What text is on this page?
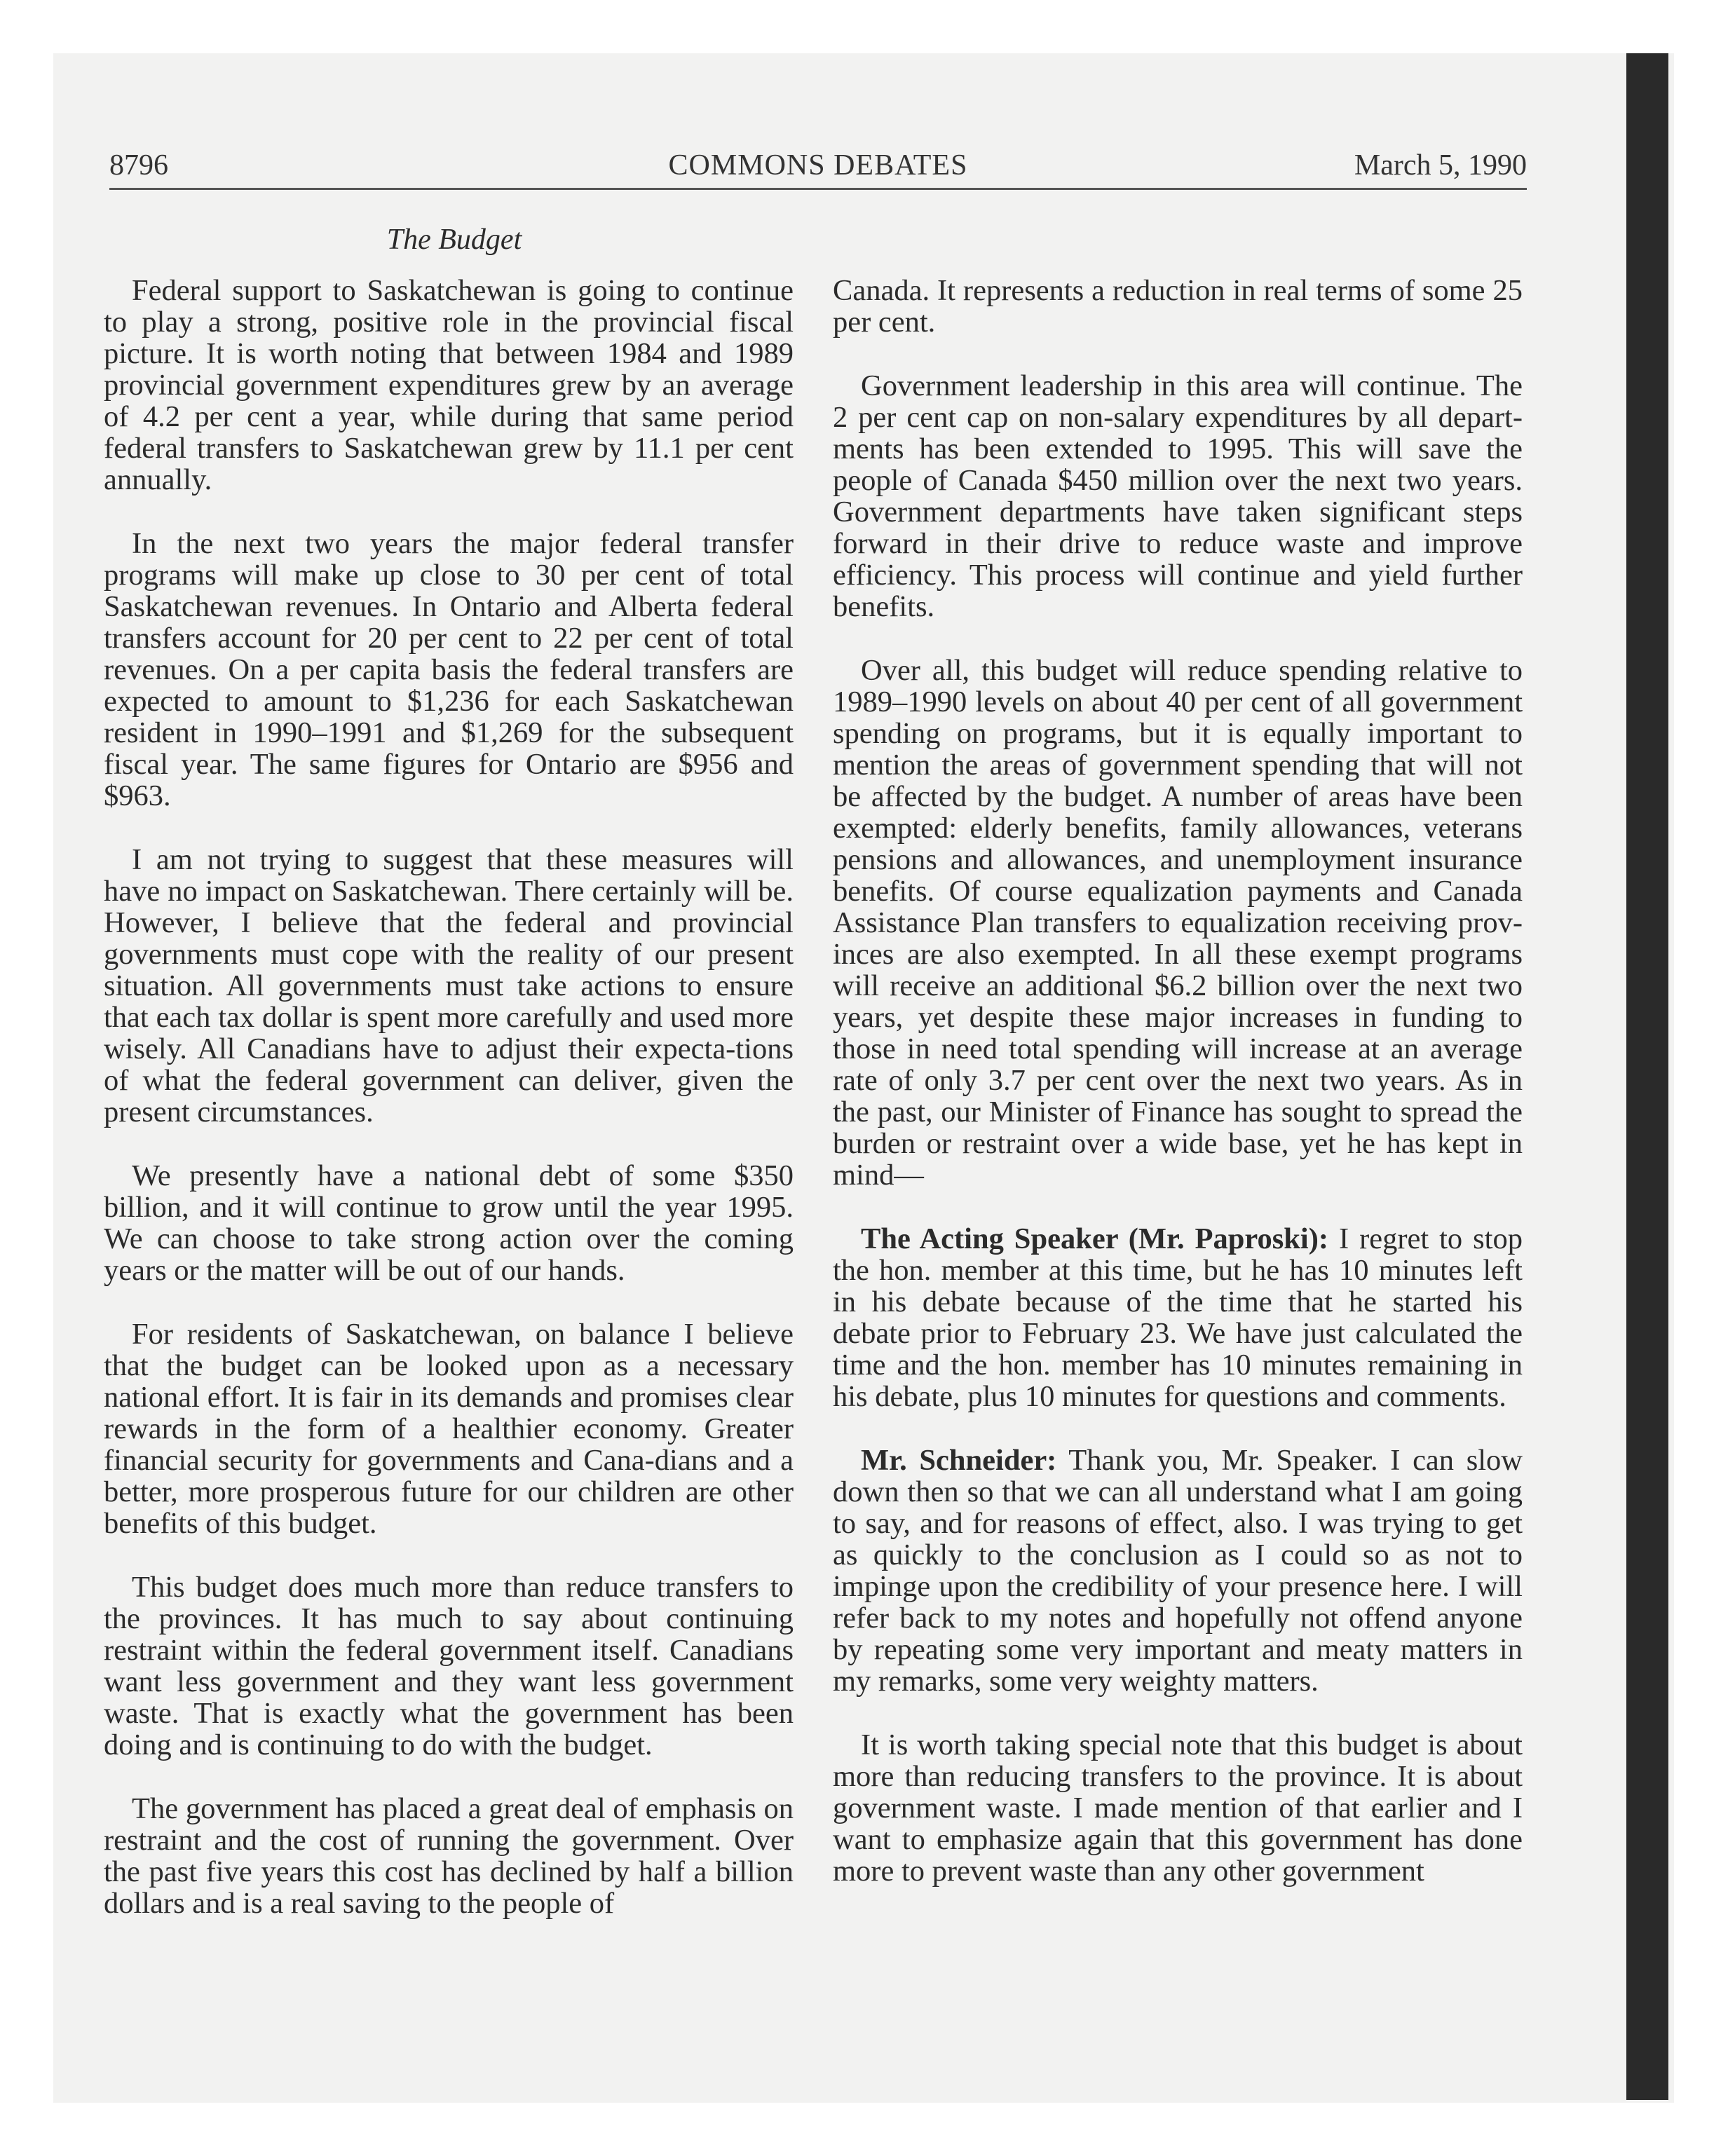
8796	COMMONS DEBATES	March 5, 1990
The Budget

Federal support to Saskatchewan is going to continue to play a strong, positive role in the provincial fiscal picture. It is worth noting that between 1984 and 1989 provincial government expenditures grew by an average of 4.2 per cent a year, while during that same period federal transfers to Saskatchewan grew by 11.1 per cent annually.

In the next two years the major federal transfer programs will make up close to 30 per cent of total Saskatchewan revenues. In Ontario and Alberta federal transfers account for 20 per cent to 22 per cent of total revenues. On a per capita basis the federal transfers are expected to amount to $1,236 for each Saskatchewan resident in 1990–1991 and $1,269 for the subsequent fiscal year. The same figures for Ontario are $956 and $963.

I am not trying to suggest that these measures will have no impact on Saskatchewan. There certainly will be. However, I believe that the federal and provincial governments must cope with the reality of our present situation. All governments must take actions to ensure that each tax dollar is spent more carefully and used more wisely. All Canadians have to adjust their expecta-tions of what the federal government can deliver, given the present circumstances.

We presently have a national debt of some $350 billion, and it will continue to grow until the year 1995. We can choose to take strong action over the coming years or the matter will be out of our hands.

For residents of Saskatchewan, on balance I believe that the budget can be looked upon as a necessary national effort. It is fair in its demands and promises clear rewards in the form of a healthier economy. Greater financial security for governments and Cana-dians and a better, more prosperous future for our children are other benefits of this budget.

This budget does much more than reduce transfers to the provinces. It has much to say about continuing restraint within the federal government itself. Canadians want less government and they want less government waste. That is exactly what the government has been doing and is continuing to do with the budget.

The government has placed a great deal of emphasis on restraint and the cost of running the government. Over the past five years this cost has declined by half a billion dollars and is a real saving to the people of

Canada. It represents a reduction in real terms of some 25 per cent.

Government leadership in this area will continue. The 2 per cent cap on non-salary expenditures by all depart-ments has been extended to 1995. This will save the people of Canada $450 million over the next two years. Government departments have taken significant steps forward in their drive to reduce waste and improve efficiency. This process will continue and yield further benefits.

Over all, this budget will reduce spending relative to 1989–1990 levels on about 40 per cent of all government spending on programs, but it is equally important to mention the areas of government spending that will not be affected by the budget. A number of areas have been exempted: elderly benefits, family allowances, veterans pensions and allowances, and unemployment insurance benefits. Of course equalization payments and Canada Assistance Plan transfers to equalization receiving prov-inces are also exempted. In all these exempt programs will receive an additional $6.2 billion over the next two years, yet despite these major increases in funding to those in need total spending will increase at an average rate of only 3.7 per cent over the next two years. As in the past, our Minister of Finance has sought to spread the burden or restraint over a wide base, yet he has kept in mind—

The Acting Speaker (Mr. Paproski): I regret to stop the hon. member at this time, but he has 10 minutes left in his debate because of the time that he started his debate prior to February 23. We have just calculated the time and the hon. member has 10 minutes remaining in his debate, plus 10 minutes for questions and comments.

Mr. Schneider: Thank you, Mr. Speaker. I can slow down then so that we can all understand what I am going to say, and for reasons of effect, also. I was trying to get as quickly to the conclusion as I could so as not to impinge upon the credibility of your presence here. I will refer back to my notes and hopefully not offend anyone by repeating some very important and meaty matters in my remarks, some very weighty matters.

It is worth taking special note that this budget is about more than reducing transfers to the province. It is about government waste. I made mention of that earlier and I want to emphasize again that this government has done more to prevent waste than any other government
